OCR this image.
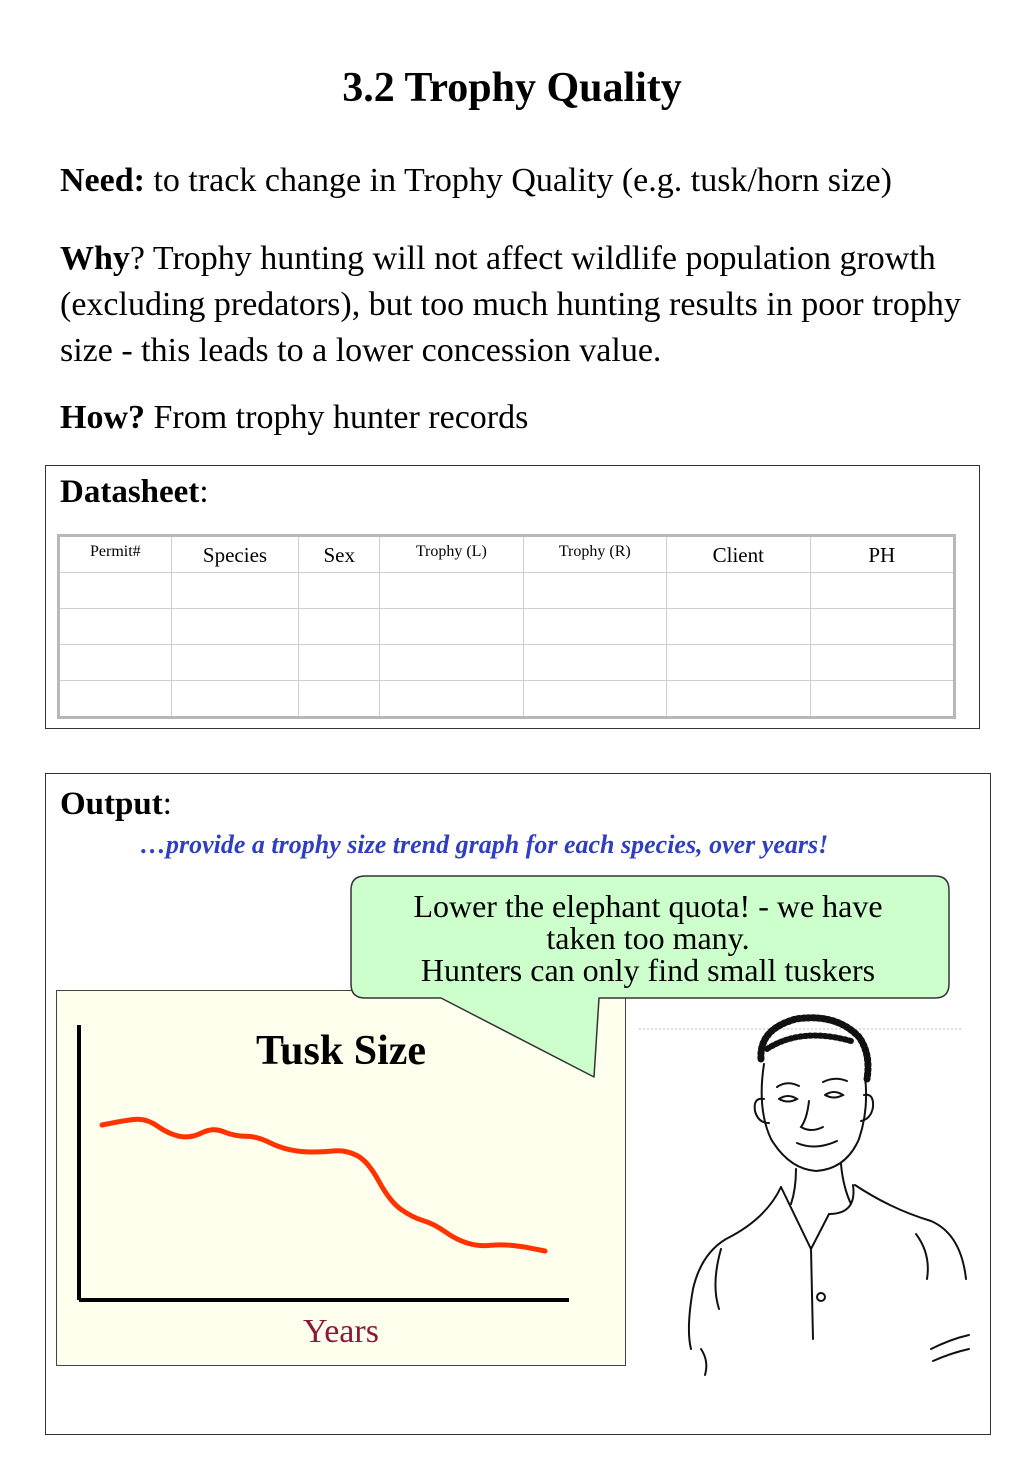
3.2 Trophy Quality
Need: to track change in Trophy Quality (e.g. tusk/horn size)
Why? Trophy hunting will not affect wildlife population growth (excluding predators), but too much hunting results in poor trophy size - this leads to a lower concession value.
How? From trophy hunter records
Datasheet:
Permit#	Species	Sex	Trophy (L)	Trophy (R)	Client	PH

Output:
…provide a trophy size trend graph for each species, over years!
Tusk Size
Years
Lower the elephant quota! - we have
taken too many.
Hunters can only find small tuskers
